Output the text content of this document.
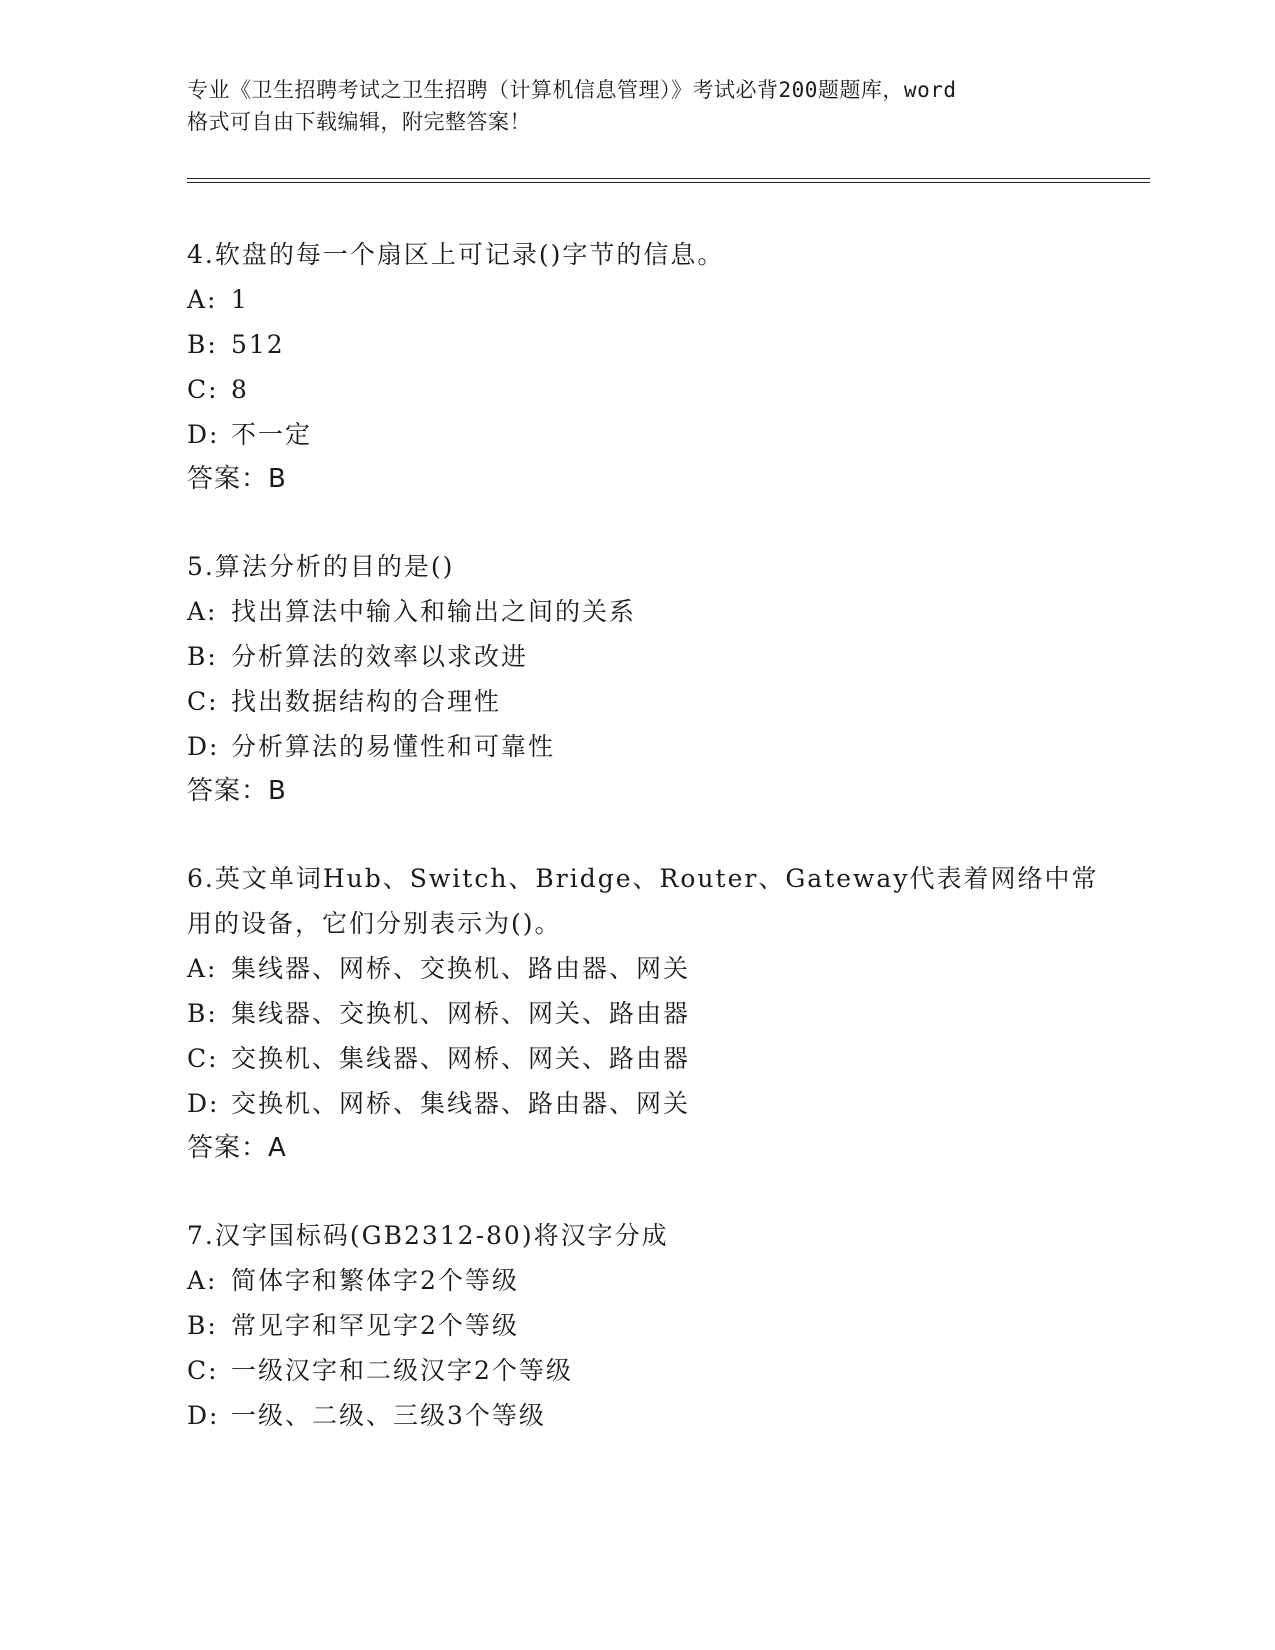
专业《卫生招聘考试之卫生招聘（计算机信息管理）》考试必背200题题库，word
格式可自由下载编辑，附完整答案！
4.软盘的每一个扇区上可记录()字节的信息。
A: 1
B: 512
C: 8
D: 不一定
答案：B
5.算法分析的目的是()
A: 找出算法中输入和输出之间的关系
B: 分析算法的效率以求改进
C: 找出数据结构的合理性
D: 分析算法的易懂性和可靠性
答案：B
6.英文单词Hub、Switch、Bridge、Router、Gateway代表着网络中常
用的设备，它们分别表示为()。
A: 集线器、网桥、交换机、路由器、网关
B: 集线器、交换机、网桥、网关、路由器
C: 交换机、集线器、网桥、网关、路由器
D: 交换机、网桥、集线器、路由器、网关
答案：A
7.汉字国标码(GB2312-80)将汉字分成
A: 简体字和繁体字2个等级
B: 常见字和罕见字2个等级
C: 一级汉字和二级汉字2个等级
D: 一级、二级、三级3个等级
